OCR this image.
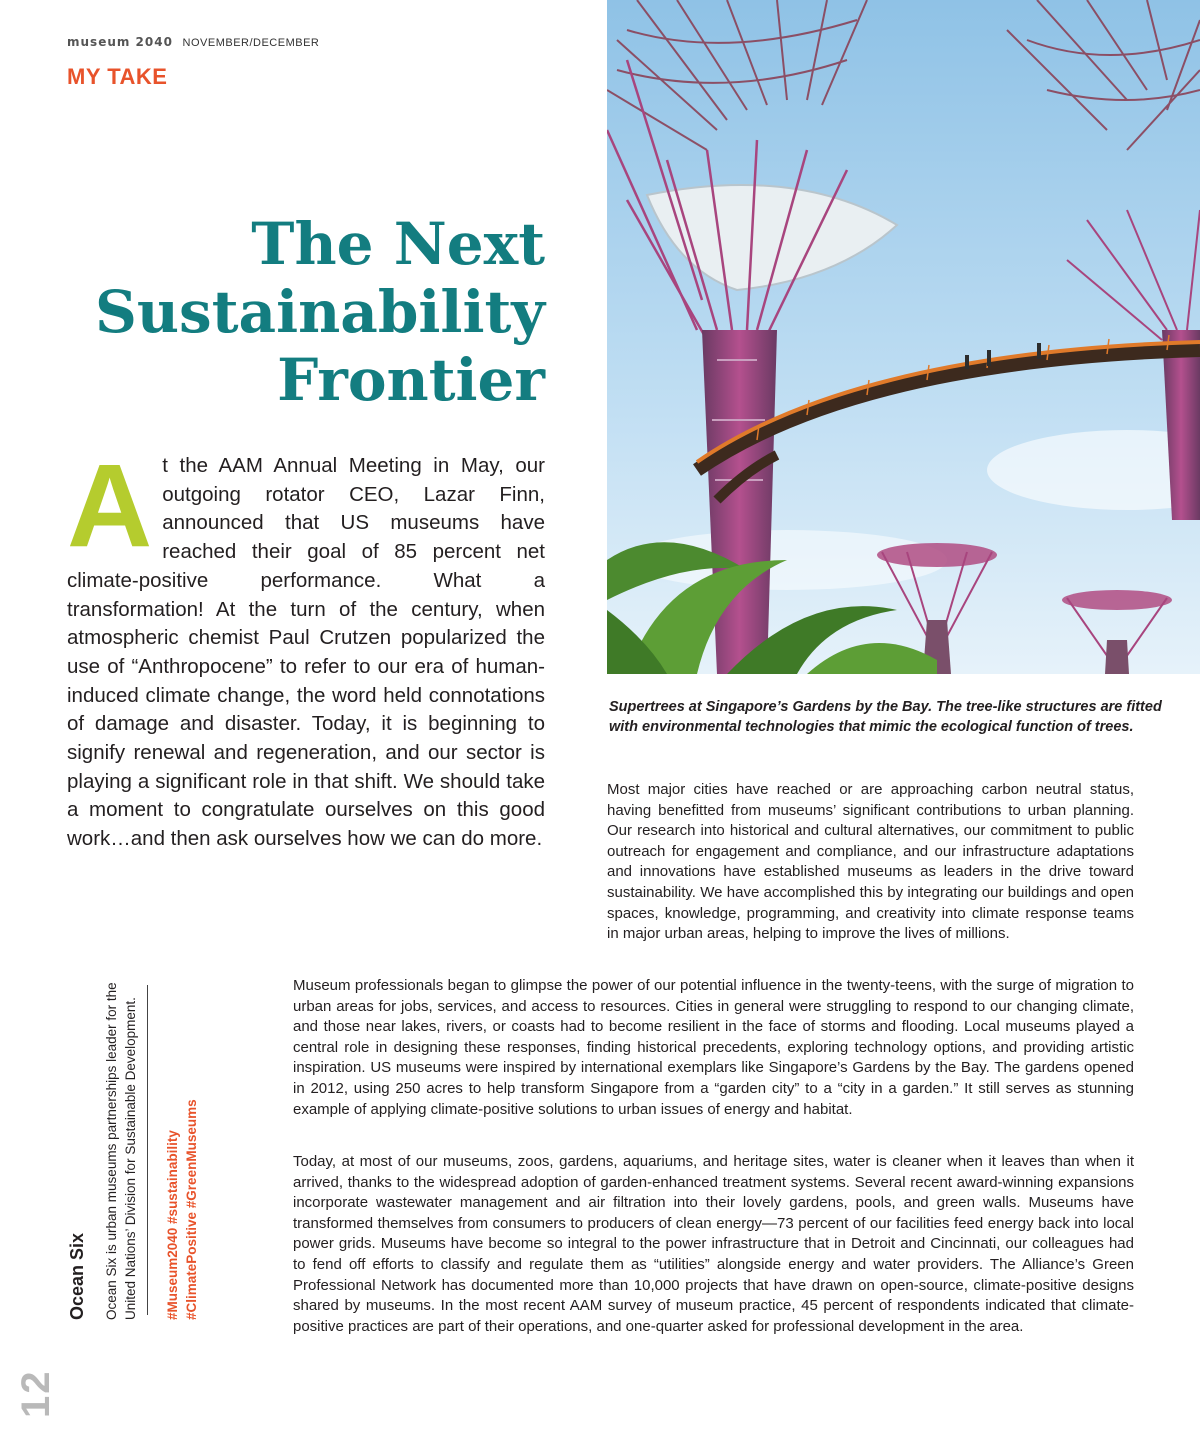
museum 2040 NOVEMBER/DECEMBER
MY TAKE
The Next
Sustainability
Frontier

At the AAM Annual Meeting in May, our outgoing rotator CEO, Lazar Finn, announced that US museums have reached their goal of 85 percent net climate-positive performance. What a transformation! At the turn of the century, when atmospheric chemist Paul Crutzen popularized the use of “Anthropocene” to refer to our era of human-induced climate change, the word held connotations of damage and disaster. Today, it is beginning to signify renewal and regeneration, and our sector is playing a significant role in that shift. We should take a moment to congratulate ourselves on this good work…and then ask ourselves how we can do more.

Supertrees at Singapore’s Gardens by the Bay. The tree-like structures are fitted with environmental technologies that mimic the ecological function of trees.

Most major cities have reached or are approaching carbon neutral status, having benefitted from museums’ significant contributions to urban planning. Our research into historical and cultural alternatives, our commitment to public outreach for engagement and compliance, and our infrastructure adaptations and innovations have established museums as leaders in the drive toward sustainability. We have accomplished this by integrating our buildings and open spaces, knowledge, programming, and creativity into climate response teams in major urban areas, helping to improve the lives of millions.

Museum professionals began to glimpse the power of our potential influence in the twenty-teens, with the surge of migration to urban areas for jobs, services, and access to resources. Cities in general were struggling to respond to our changing climate, and those near lakes, rivers, or coasts had to become resilient in the face of storms and flooding. Local museums played a central role in designing these responses, finding historical precedents, exploring technology options, and providing artistic inspiration. US museums were inspired by international exemplars like Singapore’s Gardens by the Bay. The gardens opened in 2012, using 250 acres to help transform Singapore from a “garden city” to a “city in a garden.” It still serves as stunning example of applying climate-positive solutions to urban issues of energy and habitat.

Today, at most of our museums, zoos, gardens, aquariums, and heritage sites, water is cleaner when it leaves than when it arrived, thanks to the widespread adoption of garden-enhanced treatment systems. Several recent award-winning expansions incorporate wastewater management and air filtration into their lovely gardens, pools, and green walls. Museums have transformed themselves from consumers to producers of clean energy—73 percent of our facilities feed energy back into local power grids. Museums have become so integral to the power infrastructure that in Detroit and Cincinnati, our colleagues had to fend off efforts to classify and regulate them as “utilities” alongside energy and water providers. The Alliance’s Green Professional Network has documented more than 10,000 projects that have drawn on open-source, climate-positive designs shared by museums. In the most recent AAM survey of museum practice, 45 percent of respondents indicated that climate-positive practices are part of their operations, and one-quarter asked for professional development in the area.

Ocean Six Ocean Six is urban museums partnerships leader for the United Nations’ Division for Sustainable Development. #Museum2040 #sustainability #ClimatePositive #GreenMuseums
12
